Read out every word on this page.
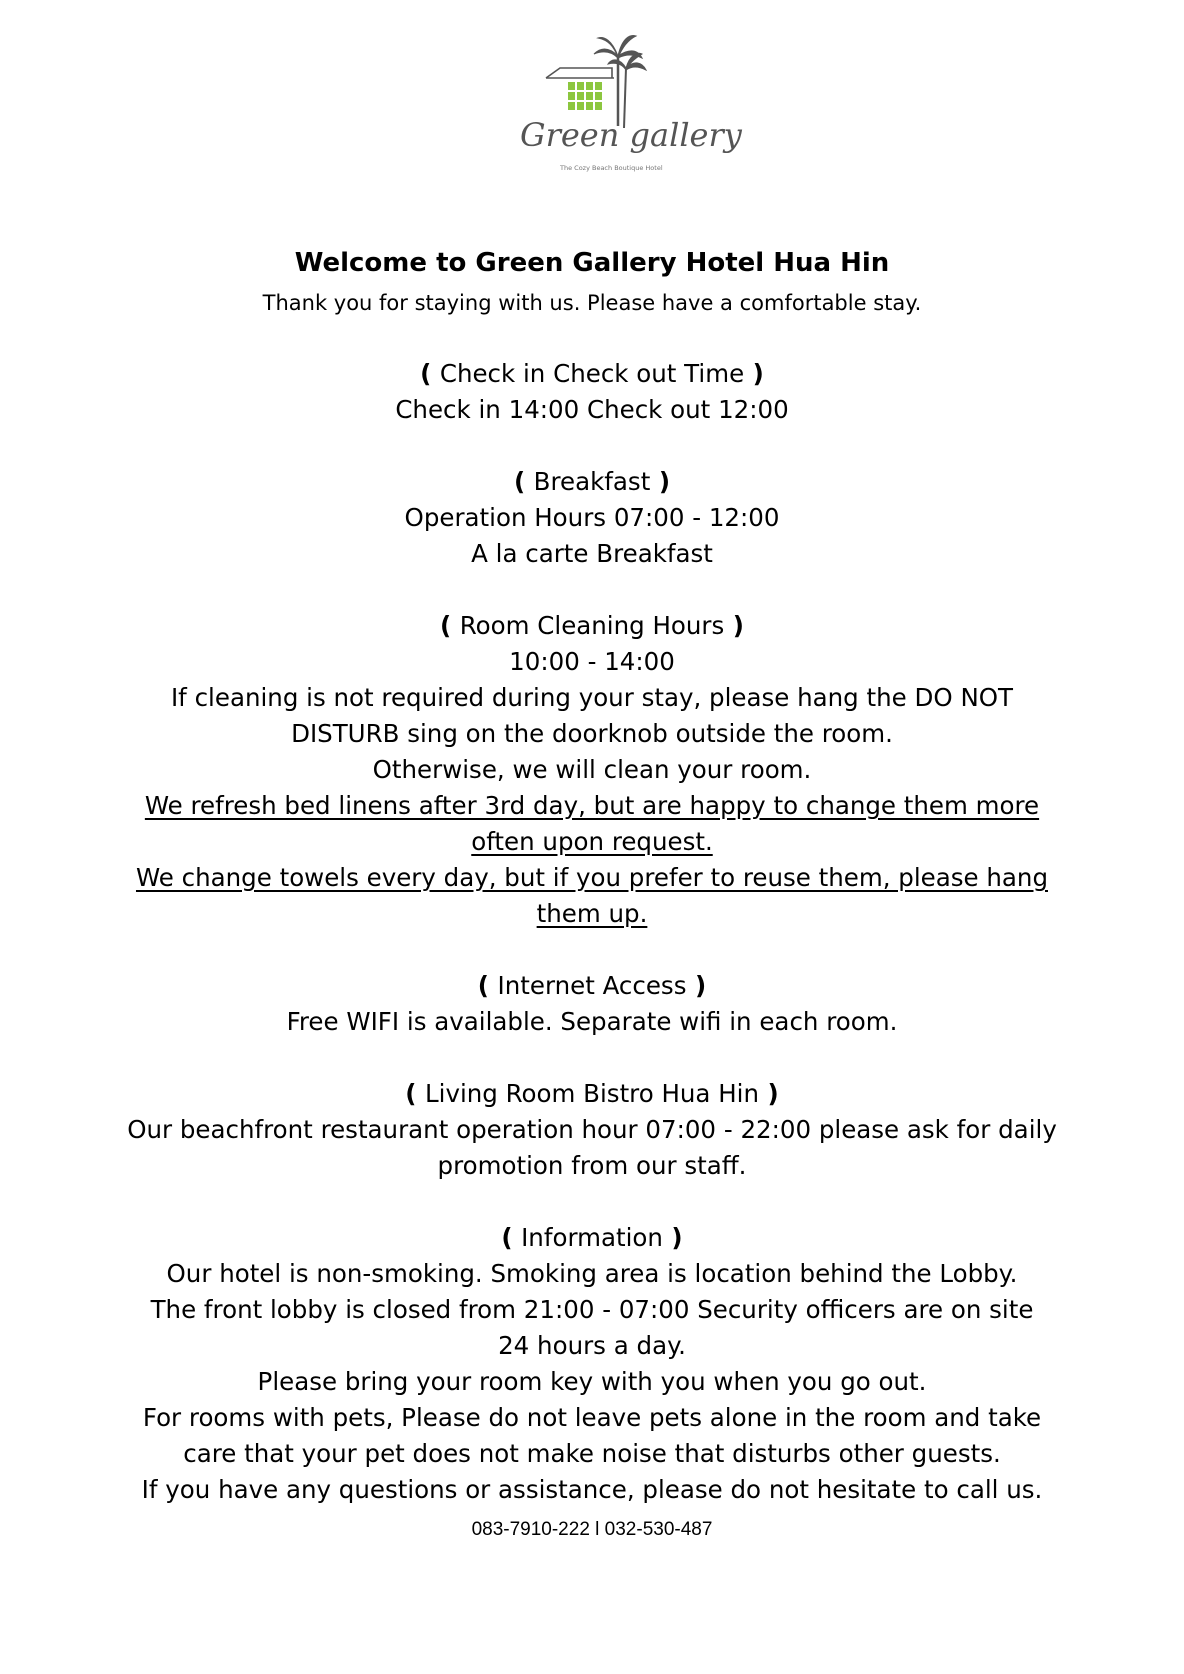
Green gallery
The Cozy Beach Boutique Hotel
Welcome to Green Gallery Hotel Hua Hin

Thank you for staying with us. Please have a comfortable stay.

( Check in Check out Time )

Check in 14:00 Check out 12:00

( Breakfast )

Operation Hours 07:00 - 12:00

A la carte Breakfast

( Room Cleaning Hours )

10:00 - 14:00

If cleaning is not required during your stay, please hang the DO NOT

DISTURB sing on the doorknob outside the room.

Otherwise, we will clean your room.

We refresh bed linens after 3rd day, but are happy to change them more

often upon request.

We change towels every day, but if you prefer to reuse them, please hang

them up.

( Internet Access )

Free WIFI is available. Separate wifi in each room.

( Living Room Bistro Hua Hin )

Our beachfront restaurant operation hour 07:00 - 22:00 please ask for daily

promotion from our staff.

( Information )

Our hotel is non-smoking. Smoking area is location behind the Lobby.

The front lobby is closed from 21:00 - 07:00 Security officers are on site

24 hours a day.

Please bring your room key with you when you go out.

For rooms with pets, Please do not leave pets alone in the room and take

care that your pet does not make noise that disturbs other guests.

If you have any questions or assistance, please do not hesitate to call us.

083-7910-222 l 032-530-487
